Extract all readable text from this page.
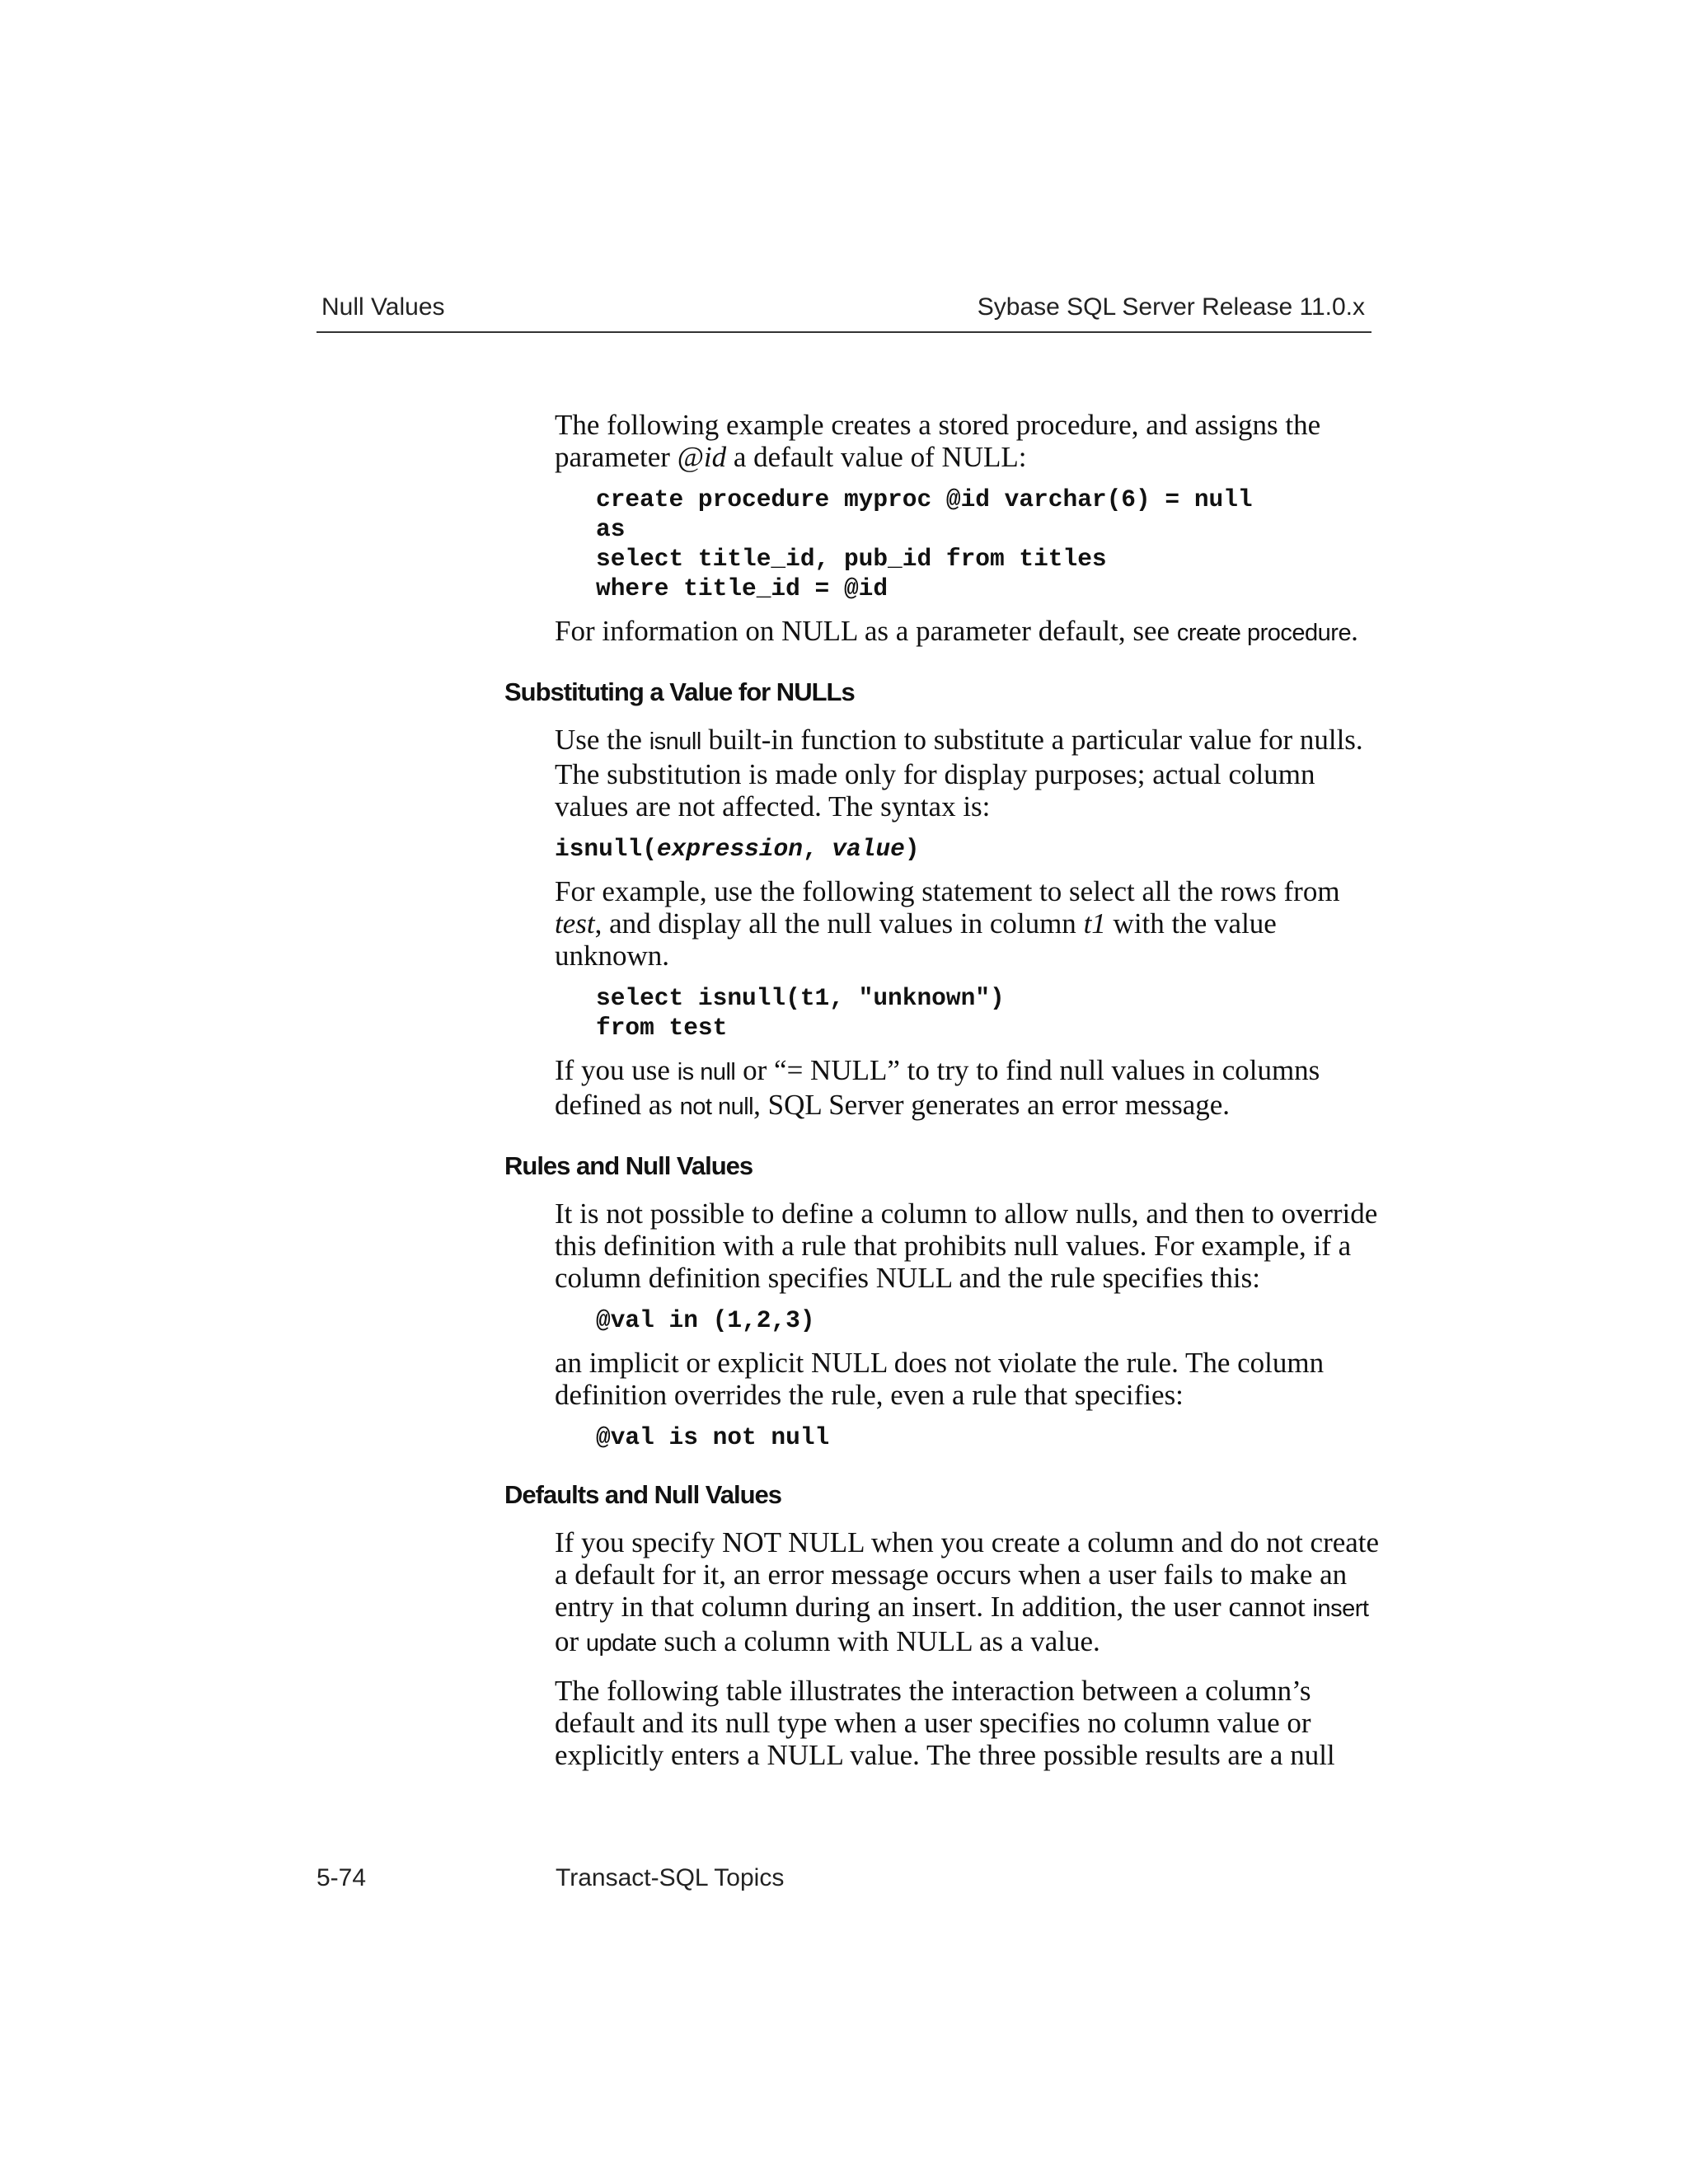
Null Values	Sybase SQL Server Release 11.0.x

The following example creates a stored procedure, and assigns the parameter @id a default value of NULL:

create procedure myproc @id varchar(6) = null
as
select title_id, pub_id from titles
where title_id = @id

For information on NULL as a parameter default, see create procedure.

Substituting a Value for NULLs

Use the isnull built-in function to substitute a particular value for nulls. The substitution is made only for display purposes; actual column values are not affected. The syntax is:

isnull(expression, value)

For example, use the following statement to select all the rows from test, and display all the null values in column t1 with the value unknown.

select isnull(t1, "unknown")
from test

If you use is null or “= NULL” to try to find null values in columns defined as not null, SQL Server generates an error message.

Rules and Null Values

It is not possible to define a column to allow nulls, and then to override this definition with a rule that prohibits null values. For example, if a column definition specifies NULL and the rule specifies this:

@val in (1,2,3)

an implicit or explicit NULL does not violate the rule. The column definition overrides the rule, even a rule that specifies:

@val is not null
Defaults and Null Values

If you specify NOT NULL when you create a column and do not create a default for it, an error message occurs when a user fails to make an entry in that column during an insert. In addition, the user cannot insert or update such a column with NULL as a value.

The following table illustrates the interaction between a column’s default and its null type when a user specifies no column value or explicitly enters a NULL value. The three possible results are a null

5-74	Transact-SQL Topics
